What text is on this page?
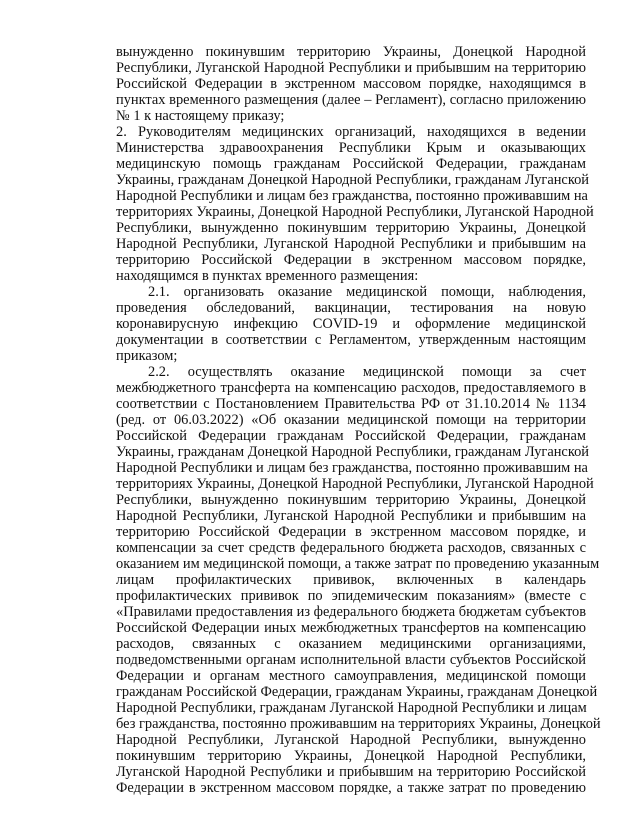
вынужденно покинувшим территорию Украины, Донецкой Народной
Республики, Луганской Народной Республики и прибывшим на территорию
Российской Федерации в экстренном массовом порядке, находящимся в
пунктах временного размещения (далее – Регламент), согласно приложению
№ 1 к настоящему приказу;
2. Руководителям медицинских организаций, находящихся в ведении
Министерства здравоохранения Республики Крым и оказывающих
медицинскую помощь гражданам Российской Федерации, гражданам
Украины, гражданам Донецкой Народной Республики, гражданам Луганской
Народной Республики и лицам без гражданства, постоянно проживавшим на
территориях Украины, Донецкой Народной Республики, Луганской Народной
Республики, вынужденно покинувшим территорию Украины, Донецкой
Народной Республики, Луганской Народной Республики и прибывшим на
территорию Российской Федерации в экстренном массовом порядке,
находящимся в пунктах временного размещения:
2.1. организовать оказание медицинской помощи, наблюдения,
проведения обследований, вакцинации, тестирования на новую
коронавирусную инфекцию COVID-19 и оформление медицинской
документации в соответствии с Регламентом, утвержденным настоящим
приказом;
2.2. осуществлять оказание медицинской помощи за счет
межбюджетного трансферта на компенсацию расходов, предоставляемого в
соответствии с Постановлением Правительства РФ от 31.10.2014 № 1134
(ред. от 06.03.2022) «Об оказании медицинской помощи на территории
Российской Федерации гражданам Российской Федерации, гражданам
Украины, гражданам Донецкой Народной Республики, гражданам Луганской
Народной Республики и лицам без гражданства, постоянно проживавшим на
территориях Украины, Донецкой Народной Республики, Луганской Народной
Республики, вынужденно покинувшим территорию Украины, Донецкой
Народной Республики, Луганской Народной Республики и прибывшим на
территорию Российской Федерации в экстренном массовом порядке, и
компенсации за счет средств федерального бюджета расходов, связанных с
оказанием им медицинской помощи, а также затрат по проведению указанным
лицам профилактических прививок, включенных в календарь
профилактических прививок по эпидемическим показаниям» (вместе с
«Правилами предоставления из федерального бюджета бюджетам субъектов
Российской Федерации иных межбюджетных трансфертов на компенсацию
расходов, связанных с оказанием медицинскими организациями,
подведомственными органам исполнительной власти субъектов Российской
Федерации и органам местного самоуправления, медицинской помощи
гражданам Российской Федерации, гражданам Украины, гражданам Донецкой
Народной Республики, гражданам Луганской Народной Республики и лицам
без гражданства, постоянно проживавшим на территориях Украины, Донецкой
Народной Республики, Луганской Народной Республики, вынужденно
покинувшим территорию Украины, Донецкой Народной Республики,
Луганской Народной Республики и прибывшим на территорию Российской
Федерации в экстренном массовом порядке, а также затрат по проведению
